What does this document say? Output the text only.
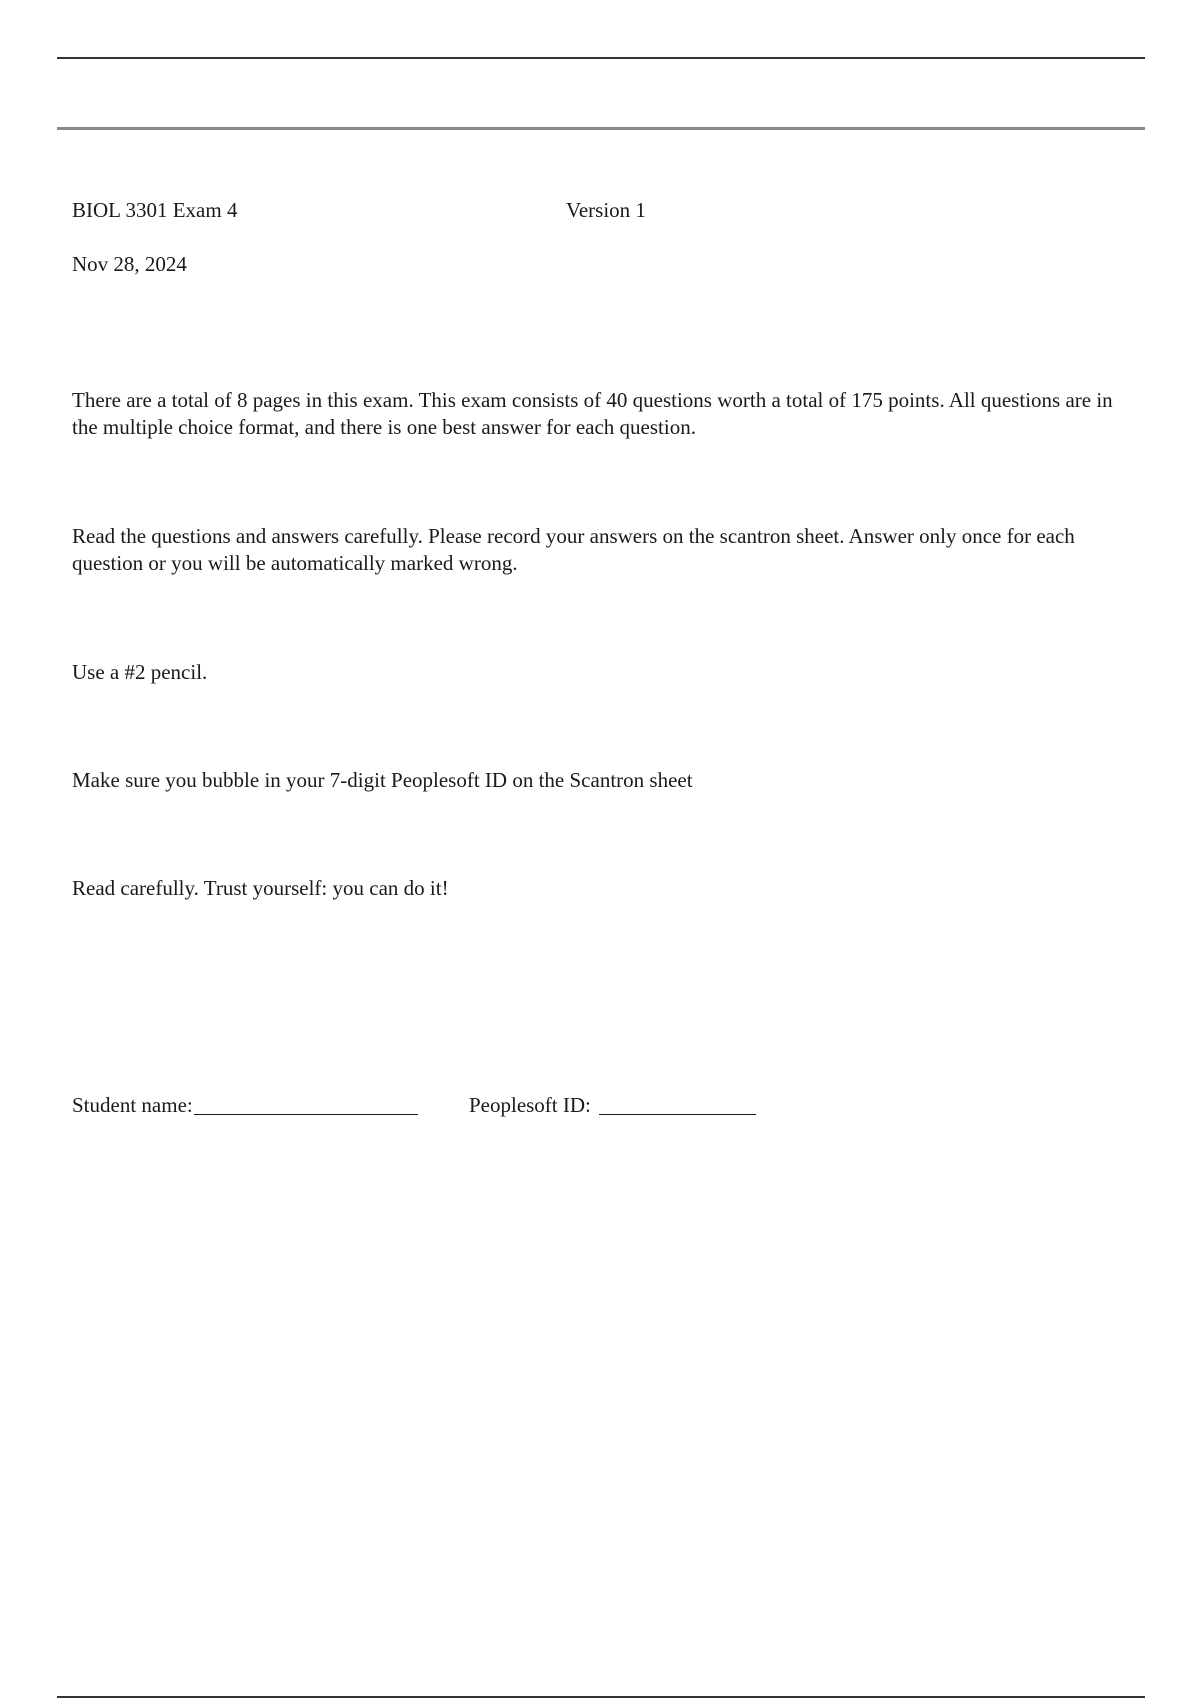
BIOL 3301 Exam 4	Version 1
Nov 28, 2024
There are a total of 8 pages in this exam. This exam consists of 40 questions worth a total of 175 points. All questions are in the multiple choice format, and there is one best answer for each question.
Read the questions and answers carefully. Please record your answers on the scantron sheet. Answer only once for each question or you will be automatically marked wrong.
Use a #2 pencil.
Make sure you bubble in your 7-digit Peoplesoft ID on the Scantron sheet
Read carefully. Trust yourself: you can do it!
Student name:	Peoplesoft ID:
